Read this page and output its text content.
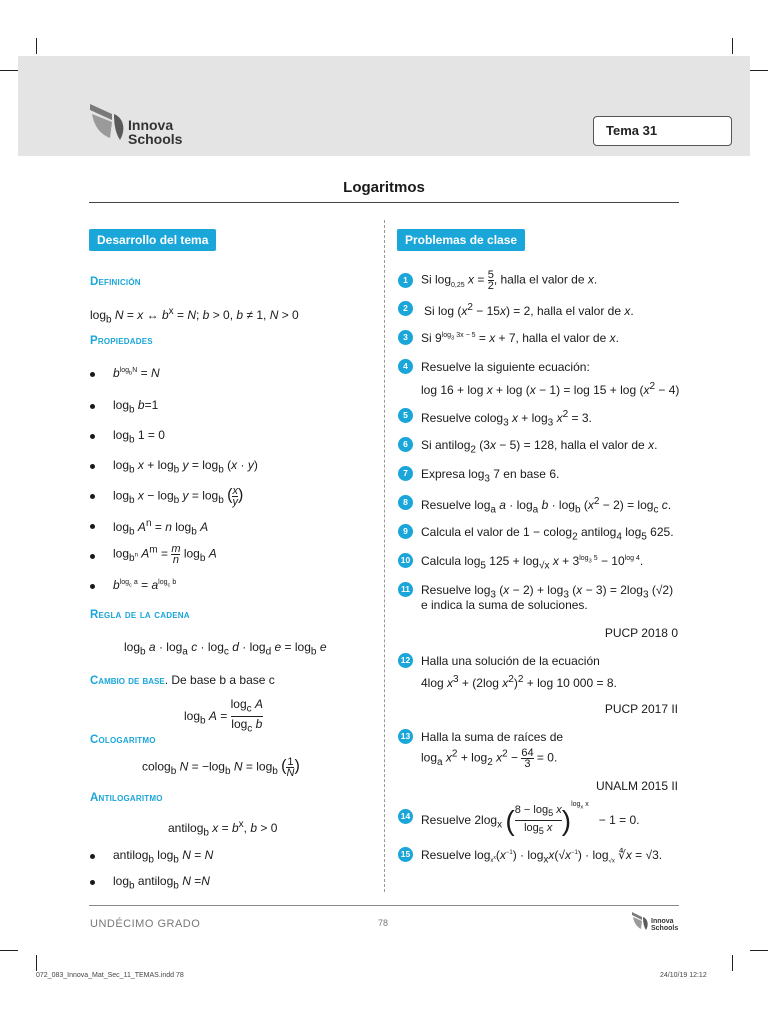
Innova
Schools
Tema 31
Logaritmos
Desarrollo del tema
Definición
$\log_b N = x$ ↔ $b^x = N$; b > 0, b ≠ 1, N > 0
Propiedades
$b^{log_bN} = N$
$\log_b b=1$
$\log_b 1 = 0$
$\log_b x + \log_b y = \log_b (x \cdot y)$
$\log_b x - \log_b y = \log_b (\frac{x}{y}$ )
$\log_b A^n = n$ $\log_b A$
$\log_{b^n} A^m = \frac{m}{n} \log_b A$
$b^{log_c a} = a^{log_c b}$
Regla de la cadena
$\log_b a \cdot \log_a c \cdot \log_c d \cdot \log_d e = \log_b e$
Cambio de base. De base b a base c
$\log_b A = \log_c A$

$\log_c b$
Cologaritmo
colog$_b$ $N = -\log_b$ $N = \log_b (1$

N )
Antilogaritmo
antilog$_b$ $x = b^x$, b > 0
antilog$_b$ $\log_b N = N$
$\log_b$ antilog$_b$ N =N
Problemas de clase
1	Si $\log_{0,25} x = 5$

2 , halla el valor de x.
2	Si $\log (x^2 - 15x) = 2$, halla el valor de x.
3	Si $9^{log_3 3x - 5} = x + 7$, halla el valor de x.
4	Resuelve la siguiente ecuación:
$\log 16 + \log x + \log (x - 1) = \log 15 + \log (x^2 - 4)$
5	Resuelve colog$_3$ $x + \log_3 x^2 = 3$.
6	Si antilog$_2$ (3x − 5) = 128, halla el valor de x.
7	Expresa $\log_3 7$ en base 6.
8	Resuelve $\log_a a \cdot \log_a b \cdot \log_b (x^2 - 2) = \log_c c$.
9	Calcula el valor de 1 − colog$_2$ antilog$_4$ $\log_5 625$.
10 Calcula $\log_5 125 + \log_{√x} x + 3^{log_3 5} - 10^{log 4}$.
11 Resuelve $\log_3 (x - 2) + \log_3 (x - 3) = 2\log_3$ (√2)
e indica la suma de soluciones.
PUCP 2018 0
12 Halla una solución de la ecuación
4log $x^3 + (2\log$ $x^2)^2 + \log 10$ 000 = 8.
PUCP 2017 II
13 Halla la suma de raíces de
$\log_a x^2 + \log_2 x^2 - 64$

3 = 0.
UNALM 2015 II
14 Resuelve $2\log_x$ ($8 - \log_5 x$

$\log_5 x$ )$^{log_x x}$   − 1 = 0.
15 Resuelve $\log_{x^x}(x^{-1}) \cdot \log_xx(√x^{-1}) \cdot \log_{√x}$ ∜x = √3.
UNDÉCIMO GRADO	78	Innova
Schools
072_083_Innova_Mat_Sec_11_TEMAS.indd 78	24/10/19 12:12
